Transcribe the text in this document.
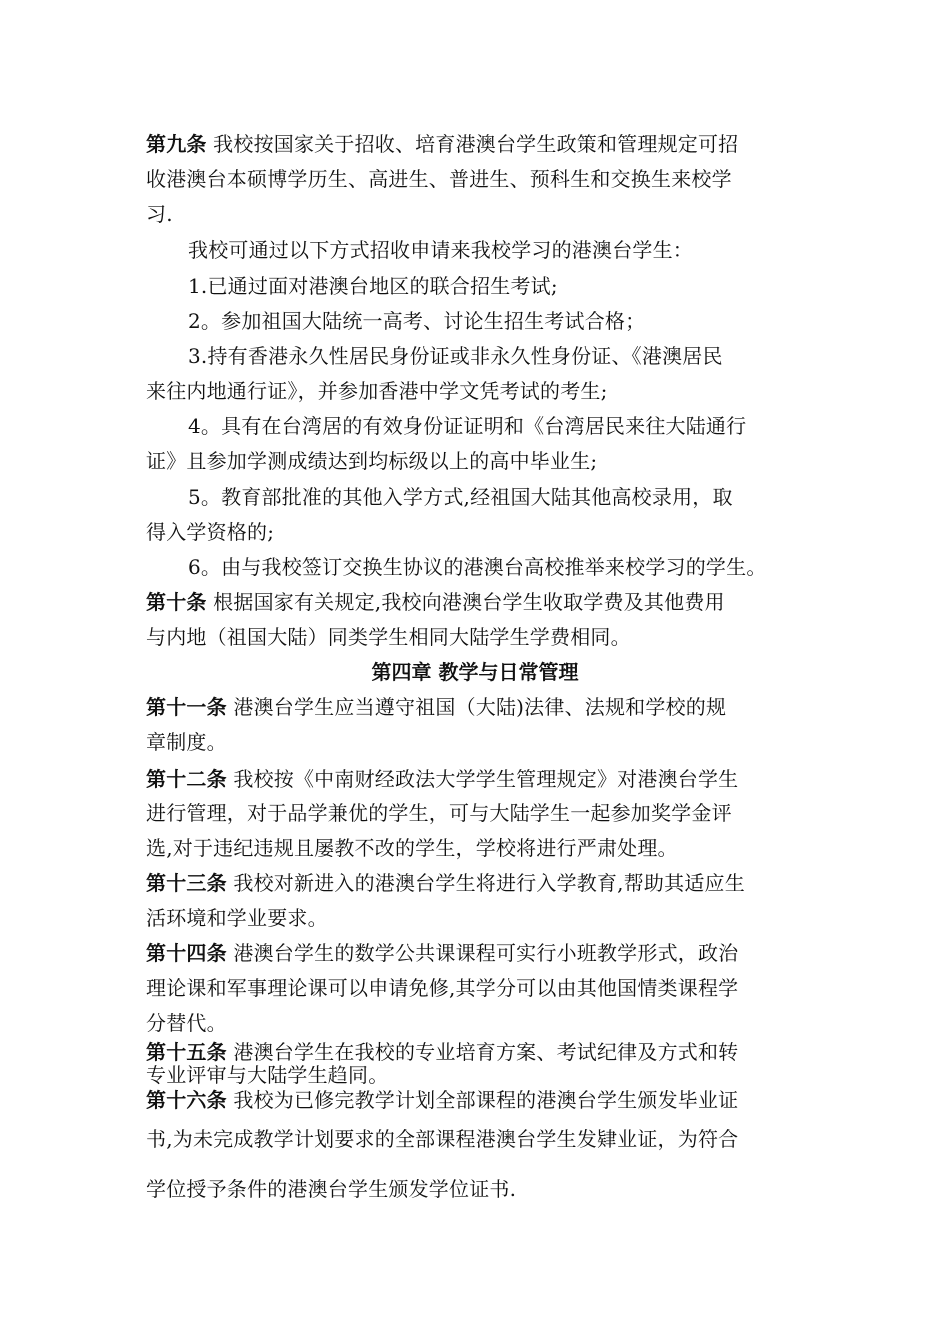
第九条 我校按国家关于招收、培育港澳台学生政策和管理规定可招
收港澳台本硕博学历生、高进生、普进生、预科生和交换生来校学
习.
我校可通过以下方式招收申请来我校学习的港澳台学生：
1.已通过面对港澳台地区的联合招生考试;
2。参加祖国大陆统一高考、讨论生招生考试合格；
3.持有香港永久性居民身份证或非永久性身份证、《港澳居民
来往内地通行证》，并参加香港中学文凭考试的考生;
4。具有在台湾居的有效身份证证明和《台湾居民来往大陆通行
证》且参加学测成绩达到均标级以上的高中毕业生;
5。教育部批准的其他入学方式,经祖国大陆其他高校录用，取
得入学资格的;
6。由与我校签订交换生协议的港澳台高校推举来校学习的学生。
第十条 根据国家有关规定,我校向港澳台学生收取学费及其他费用
与内地（祖国大陆）同类学生相同大陆学生学费相同。
第四章 教学与日常管理
第十一条 港澳台学生应当遵守祖国（大陆)法律、法规和学校的规
章制度。
第十二条 我校按《中南财经政法大学学生管理规定》对港澳台学生
进行管理，对于品学兼优的学生，可与大陆学生一起参加奖学金评
选,对于违纪违规且屡教不改的学生，学校将进行严肃处理。
第十三条 我校对新进入的港澳台学生将进行入学教育,帮助其适应生
活环境和学业要求。
第十四条 港澳台学生的数学公共课课程可实行小班教学形式，政治
理论课和军事理论课可以申请免修,其学分可以由其他国情类课程学
分替代。
第十五条 港澳台学生在我校的专业培育方案、考试纪律及方式和转
专业评审与大陆学生趋同。
第十六条 我校为已修完教学计划全部课程的港澳台学生颁发毕业证
书,为未完成教学计划要求的全部课程港澳台学生发肄业证，为符合
学位授予条件的港澳台学生颁发学位证书.
